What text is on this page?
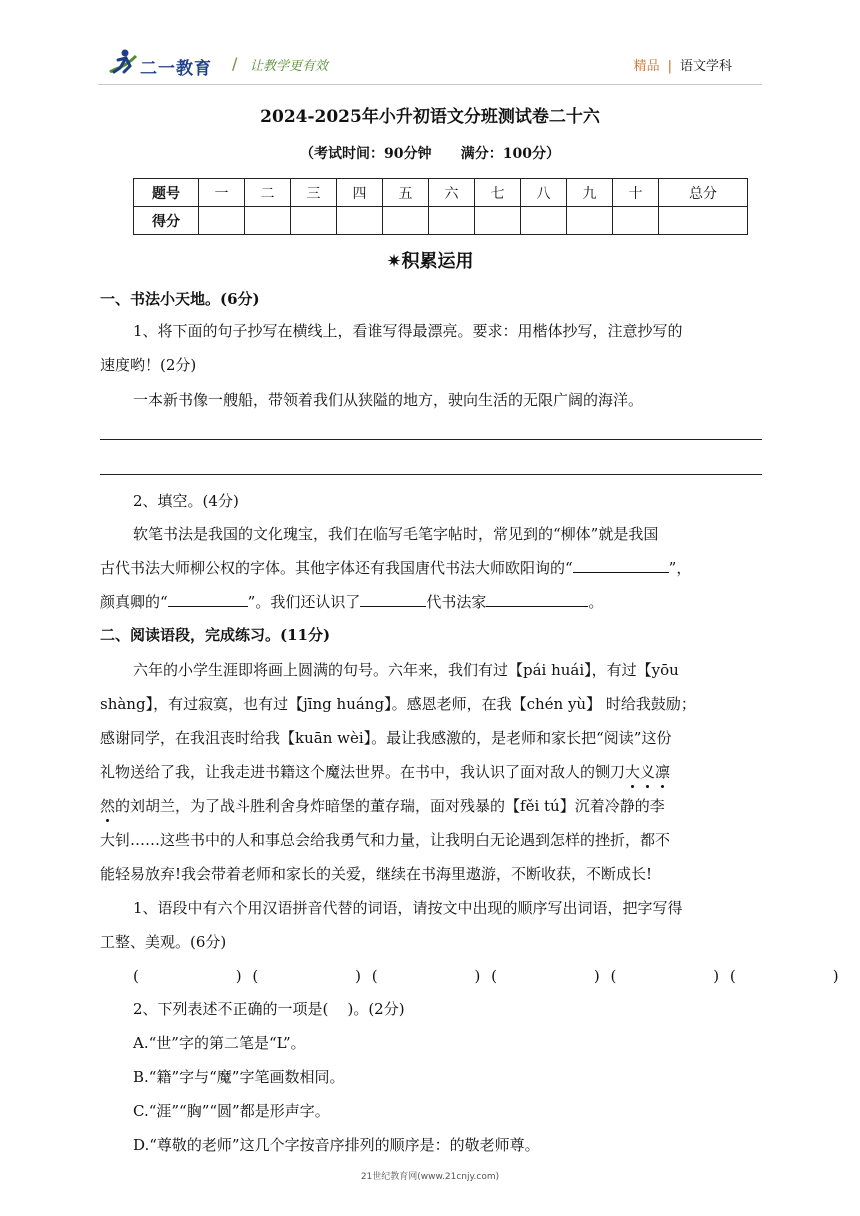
二一教育 / 让教学更有效	精品 | 语文学科
2024-2025年小升初语文分班测试卷二十六
（考试时间：90分钟      满分：100分）
题号	一	二	三	四	五	六	七	八	九	十	总分
得分											
✷积累运用
一、书法小天地。(6分)
1、将下面的句子抄写在横线上，看谁写得最漂亮。要求：用楷体抄写，注意抄写的
速度哟！(2分)
一本新书像一艘船，带领着我们从狭隘的地方，驶向生活的无限广阔的海洋。
2、填空。(4分)
软笔书法是我国的文化瑰宝，我们在临写毛笔字帖时，常见到的“柳体”就是我国
古代书法大师柳公权的字体。其他字体还有我国唐代书法大师欧阳询的“	”，
颜真卿的“	”。我们还认识了	代书法家	。
二、阅读语段，完成练习。(11分)
六年的小学生涯即将画上圆满的句号。六年来，我们有过【pái huái】，有过【yōu
shàng】，有过寂寞，也有过【jīng huáng】。感恩老师，在我【chén yù】 时给我鼓励；
感谢同学，在我沮丧时给我【kuān wèi】。最让我感激的，是老师和家长把“阅读”这份
礼物送给了我，让我走进书籍这个魔法世界。在书中，我认识了面对敌人的铡刀大义凛
然的刘胡兰，为了战斗胜利舍身炸暗堡的董存瑞，面对残暴的【fěi tú】沉着冷静的李
大钊……这些书中的人和事总会给我勇气和力量，让我明白无论遇到怎样的挫折，都不
能轻易放弃!我会带着老师和家长的关爱，继续在书海里遨游，不断收获，不断成长!
1、语段中有六个用汉语拼音代替的词语，请按文中出现的顺序写出词语，把字写得
工整、美观。(6分)
(         ) (         ) (         ) (         ) (         ) (         )
2、下列表述不正确的一项是(    )。(2分)
A.“世”字的第二笔是“L”。
B.“籍”字与“魔”字笔画数相同。
C.“涯”“胸”“圆”都是形声字。
D.“尊敬的老师”这几个字按音序排列的顺序是：的敬老师尊。
21世纪教育网(www.21cnjy.com)
